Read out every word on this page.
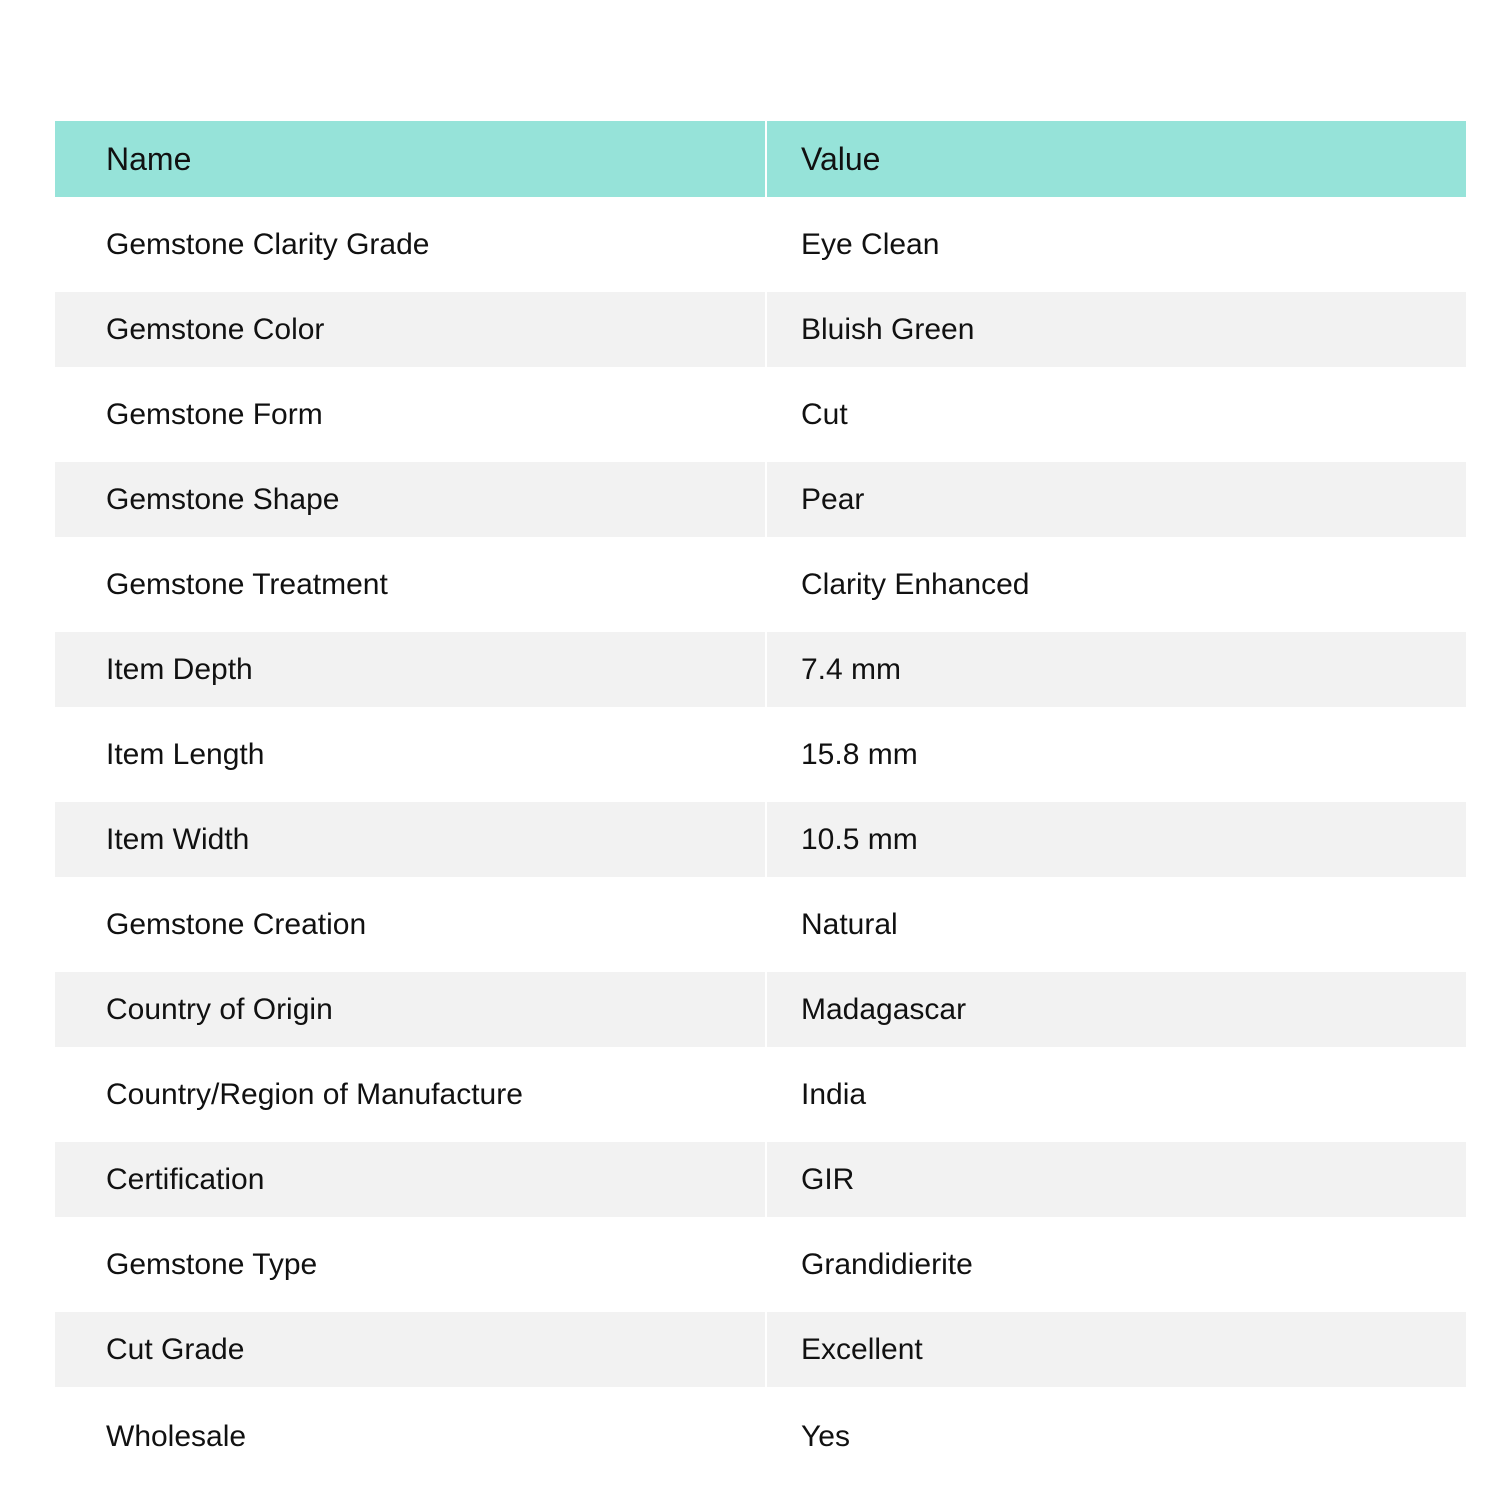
Name	Value
Gemstone Clarity Grade	Eye Clean
Gemstone Color	Bluish Green
Gemstone Form	Cut
Gemstone Shape	Pear
Gemstone Treatment	Clarity Enhanced
Item Depth	7.4 mm
Item Length	15.8 mm
Item Width	10.5 mm
Gemstone Creation	Natural
Country of Origin	Madagascar
Country/Region of Manufacture	India
Certification	GIR
Gemstone Type	Grandidierite
Cut Grade	Excellent
Wholesale	Yes
